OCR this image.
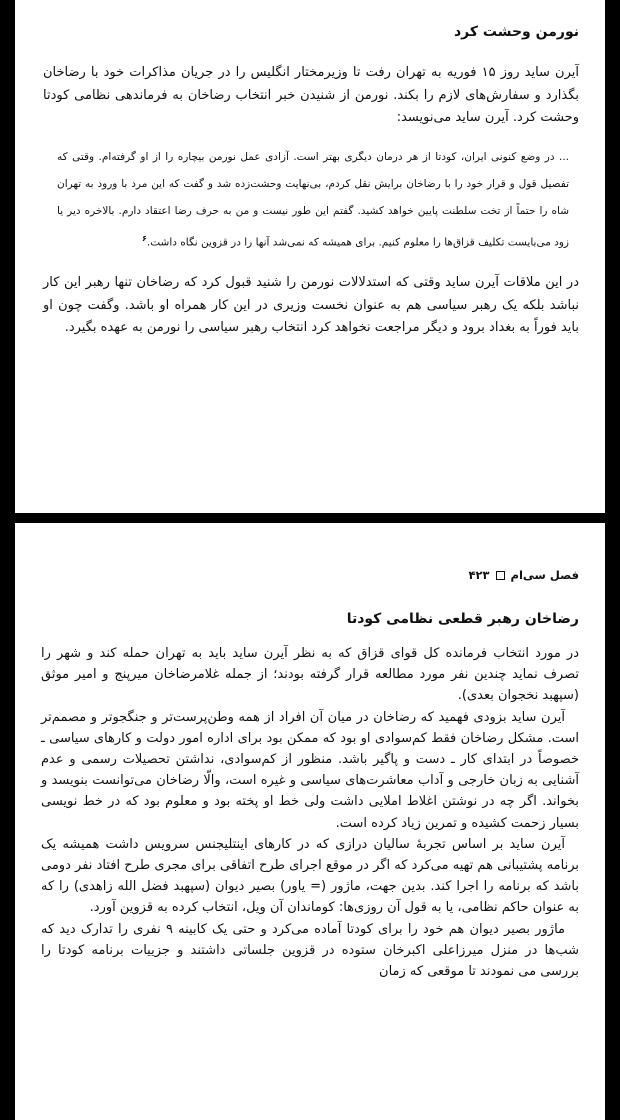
نورمن وحشت کرد

آیرن ساید روز ۱۵ فوریه به تهران رفت تا وزیرمختار انگلیس را در جریان مذاکرات خود با رضاخان بگذارد و سفارش‌های لازم را بکند. نورمن از شنیدن خبر انتخاب رضاخان به فرماندهی نظامی کودتا وحشت کرد. آیرن ساید می‌نویسد:

... در وضع کنونی ایران، کودتا از هر درمان دیگری بهتر است. آزادی عمل نورمن بیچاره را از او گرفته‌ام. وقتی که تفصیل قول و قرار خود را با رضاخان برایش نقل کردم، بی‌نهایت وحشت‌زده شد و گفت که این مرد با ورود به تهران شاه را حتماً از تخت سلطنت پایین خواهد کشید. گفتم این طور نیست و من به حرف رضا اعتقاد دارم. بالاخره دیر یا زود می‌بایست تکلیف قزاق‌ها را معلوم کنیم. برای همیشه که نمی‌شد آنها را در قزوین نگاه داشت.$^۶$

در این ملاقات آیرن ساید وقتی که استدلالات نورمن را شنید قبول کرد که رضاخان تنها رهبر این کار نباشد بلکه یک رهبر سیاسی هم به عنوان نخست وزیری در این کار همراه او باشد. وگفت چون او باید فوراً به بغداد برود و دیگر مراجعت نخواهد کرد انتخاب رهبر سیاسی را نورمن به عهده بگیرد.

فصل سی‌ام
۴۲۳
رضاخان رهبر قطعی نظامی کودتا

در مورد انتخاب فرمانده کل قوای قزاق که به نظر آیرن ساید باید به تهران حمله کند و شهر را تصرف نماید چندین نفر مورد مطالعه قرار گرفته بودند؛ از جمله غلامرضاخان میرپنج و امیر موثق (سپهبد نخجوان بعدی).

آیرن ساید بزودی فهمید که رضاخان در میان آن افراد از همه وطن‌پرست‌تر و جنگجوتر و مصمم‌تر است. مشکل رضاخان فقط کم‌سوادی او بود که ممکن بود برای اداره امور دولت و کارهای سیاسی ـ خصوصاً در ابتدای کار ـ دست و پاگیر باشد. منظور از کم‌سوادی، نداشتن تحصیلات رسمی و عدم آشنایی به زبان خارجی و آداب معاشرت‌های سیاسی و غیره است، والّا رضاخان می‌توانست بنویسد و بخواند. اگر چه در نوشتن اغلاط املایی داشت ولی خط او پخته بود و معلوم بود که در خط نویسی بسیار زحمت کشیده و تمرین زیاد کرده است.

آیرن ساید بر اساس تجربهٔ سالیان درازی که در کارهای اینتلیجنس سرویس داشت همیشه یک برنامه پشتیبانی هم تهیه می‌کرد که اگر در موقع اجرای طرح اتفاقی برای مجری طرح افتاد نفر دومی باشد که برنامه را اجرا کند. بدین جهت، ماژور (= یاور) بصیر دیوان (سپهبد فضل الله زاهدی) را که به عنوان حاکم نظامی، یا به قول آن روزی‌ها: کوماندان آن ویل، انتخاب کرده به قزوین آورد.

ماژور بصیر دیوان هم خود را برای کودتا آماده می‌کرد و حتی یک کابینه ۹ نفری را تدارک دید که شب‌ها در منزل میرزاعلی اکبرخان ستوده در قزوین جلساتی داشتند و جزییات برنامه کودتا را بررسی می نمودند تا موقعی که زمان
